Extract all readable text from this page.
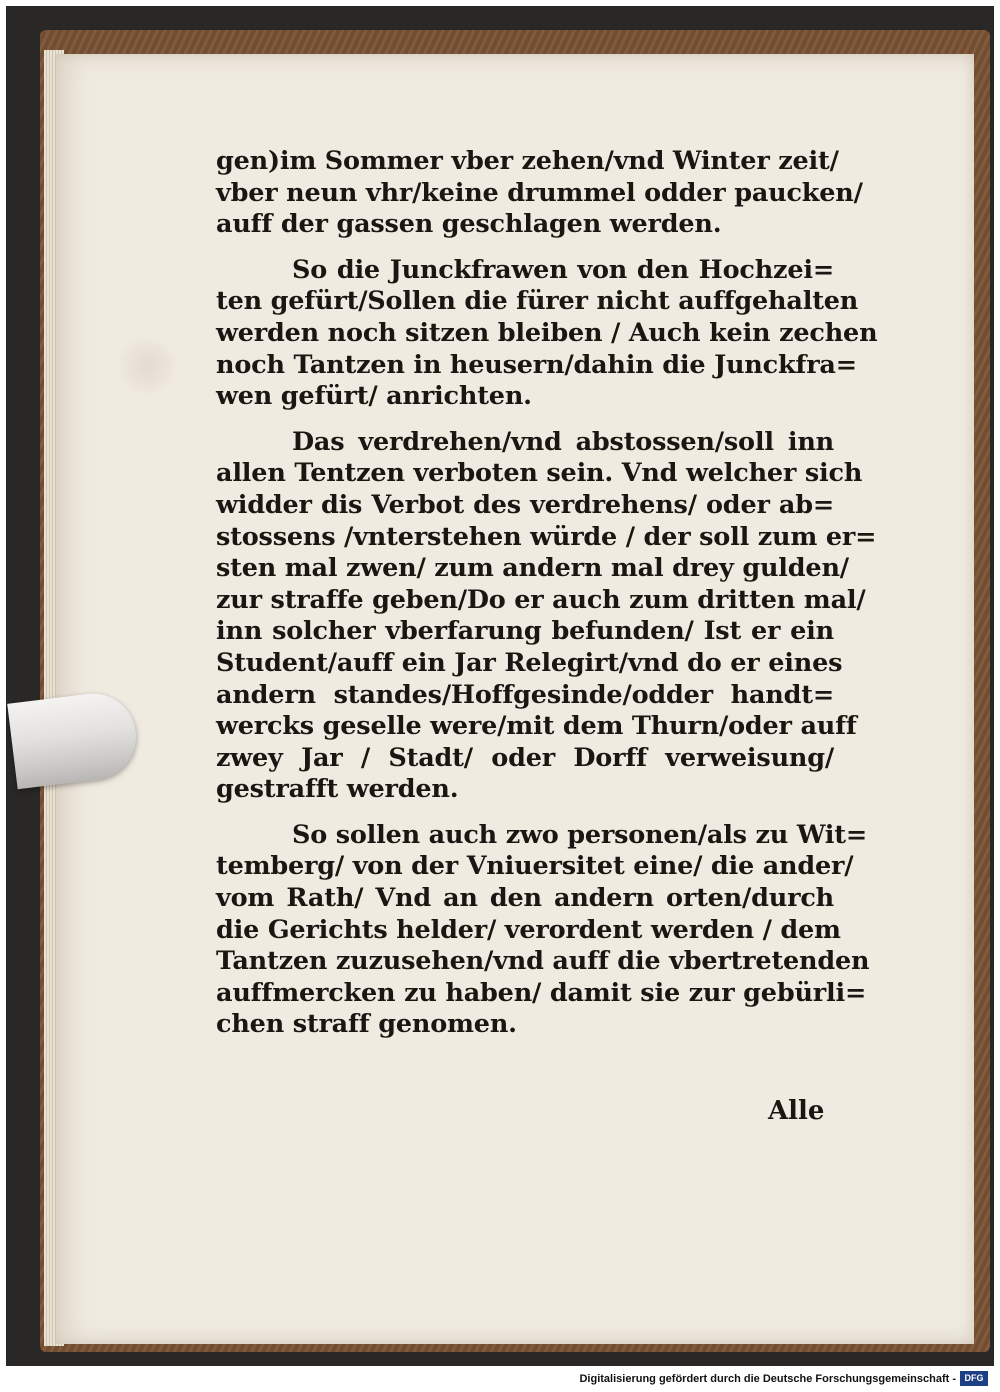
gen)im Sommer vber zehen/vnd Winter zeit/
vber neun vhr/keine drummel odder paucken/
auff der gassen geschlagen werden.
So die Junckfrawen von den Hochzei=
ten gefürt/Sollen die fürer nicht auffgehalten
werden noch sitzen bleiben / Auch kein zechen
noch Tantzen in heusern/dahin die Junckfra=
wen gefürt/ anrichten.
Das verdrehen/vnd abstossen/soll inn
allen Tentzen verboten sein. Vnd welcher sich
widder dis Verbot des verdrehens/ oder ab=
stossens /vnterstehen würde / der soll zum er=
sten mal zwen/ zum andern mal drey gulden/
zur straffe geben/Do er auch zum dritten mal/
inn solcher vberfarung befunden/ Ist er ein
Student/auff ein Jar Relegirt/vnd do er eines
andern standes/Hoffgesinde/odder handt=
wercks geselle were/mit dem Thurn/oder auff
zwey Jar / Stadt/ oder Dorff verweisung/
gestrafft werden.
So sollen auch zwo personen/als zu Wit=
temberg/ von der Vniuersitet eine/ die ander/
vom Rath/ Vnd an den andern orten/durch
die Gerichts helder/ verordent werden / dem
Tantzen zuzusehen/vnd auff die vbertretenden
auffmercken zu haben/ damit sie zur gebürli=
chen straff genomen.
Alle
Digitalisierung gefördert durch die Deutsche Forschungsgemeinschaft - DFG
